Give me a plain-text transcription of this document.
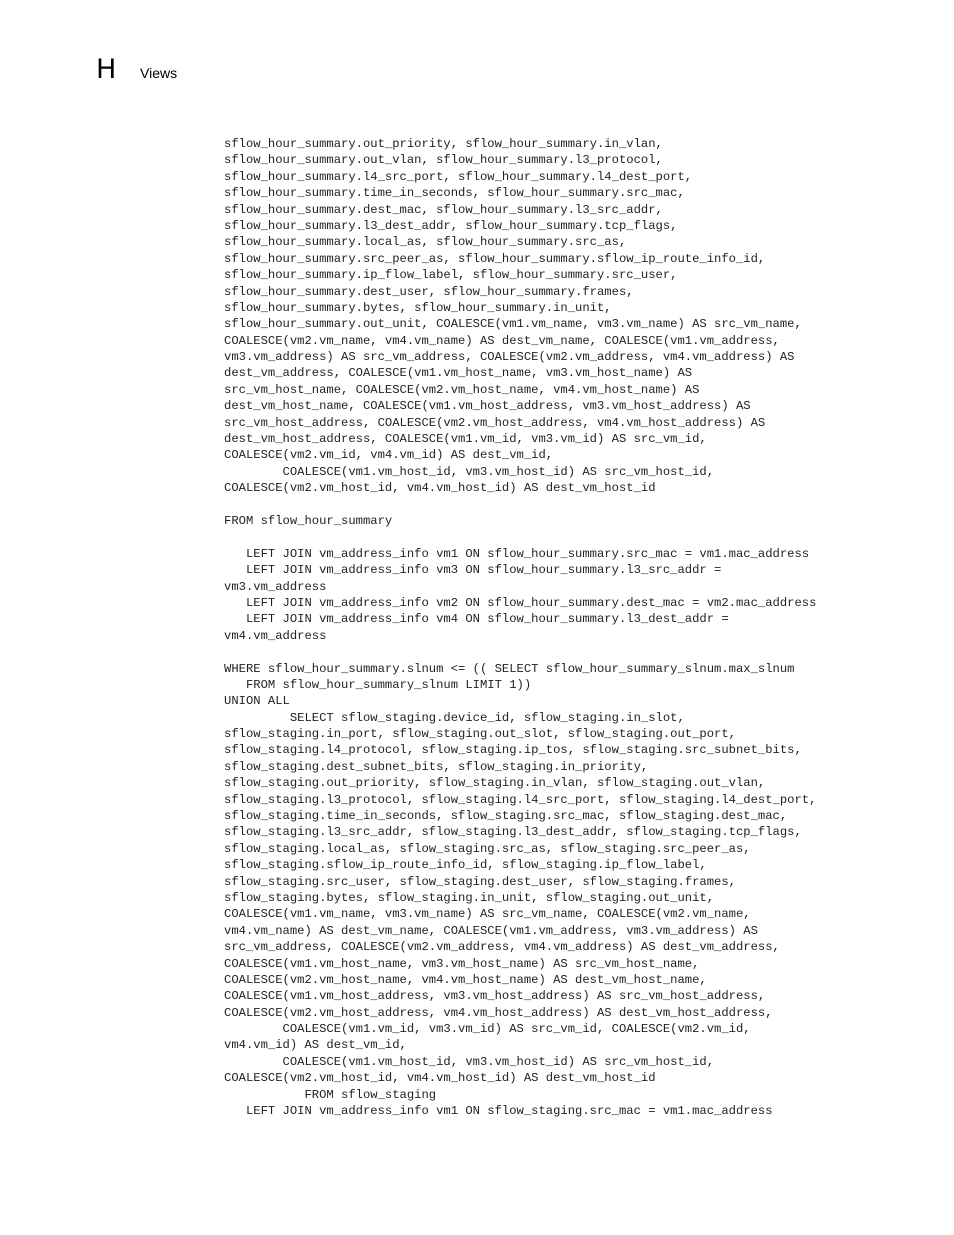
H Views
sflow_hour_summary.out_priority, sflow_hour_summary.in_vlan,
sflow_hour_summary.out_vlan, sflow_hour_summary.l3_protocol,
sflow_hour_summary.l4_src_port, sflow_hour_summary.l4_dest_port,
sflow_hour_summary.time_in_seconds, sflow_hour_summary.src_mac,
sflow_hour_summary.dest_mac, sflow_hour_summary.l3_src_addr,
sflow_hour_summary.l3_dest_addr, sflow_hour_summary.tcp_flags,
sflow_hour_summary.local_as, sflow_hour_summary.src_as,
sflow_hour_summary.src_peer_as, sflow_hour_summary.sflow_ip_route_info_id,
sflow_hour_summary.ip_flow_label, sflow_hour_summary.src_user,
sflow_hour_summary.dest_user, sflow_hour_summary.frames,
sflow_hour_summary.bytes, sflow_hour_summary.in_unit,
sflow_hour_summary.out_unit, COALESCE(vm1.vm_name, vm3.vm_name) AS src_vm_name,
COALESCE(vm2.vm_name, vm4.vm_name) AS dest_vm_name, COALESCE(vm1.vm_address,
vm3.vm_address) AS src_vm_address, COALESCE(vm2.vm_address, vm4.vm_address) AS
dest_vm_address, COALESCE(vm1.vm_host_name, vm3.vm_host_name) AS
src_vm_host_name, COALESCE(vm2.vm_host_name, vm4.vm_host_name) AS
dest_vm_host_name, COALESCE(vm1.vm_host_address, vm3.vm_host_address) AS
src_vm_host_address, COALESCE(vm2.vm_host_address, vm4.vm_host_address) AS
dest_vm_host_address, COALESCE(vm1.vm_id, vm3.vm_id) AS src_vm_id,
COALESCE(vm2.vm_id, vm4.vm_id) AS dest_vm_id,
COALESCE(vm1.vm_host_id, vm3.vm_host_id) AS src_vm_host_id,
COALESCE(vm2.vm_host_id, vm4.vm_host_id) AS dest_vm_host_id
FROM sflow_hour_summary
LEFT JOIN vm_address_info vm1 ON sflow_hour_summary.src_mac = vm1.mac_address
LEFT JOIN vm_address_info vm3 ON sflow_hour_summary.l3_src_addr =
vm3.vm_address
LEFT JOIN vm_address_info vm2 ON sflow_hour_summary.dest_mac = vm2.mac_address
LEFT JOIN vm_address_info vm4 ON sflow_hour_summary.l3_dest_addr =
vm4.vm_address
WHERE sflow_hour_summary.slnum <= (( SELECT sflow_hour_summary_slnum.max_slnum
FROM sflow_hour_summary_slnum LIMIT 1))
UNION ALL
SELECT sflow_staging.device_id, sflow_staging.in_slot,
sflow_staging.in_port, sflow_staging.out_slot, sflow_staging.out_port,
sflow_staging.l4_protocol, sflow_staging.ip_tos, sflow_staging.src_subnet_bits,
sflow_staging.dest_subnet_bits, sflow_staging.in_priority,
sflow_staging.out_priority, sflow_staging.in_vlan, sflow_staging.out_vlan,
sflow_staging.l3_protocol, sflow_staging.l4_src_port, sflow_staging.l4_dest_port,
sflow_staging.time_in_seconds, sflow_staging.src_mac, sflow_staging.dest_mac,
sflow_staging.l3_src_addr, sflow_staging.l3_dest_addr, sflow_staging.tcp_flags,
sflow_staging.local_as, sflow_staging.src_as, sflow_staging.src_peer_as,
sflow_staging.sflow_ip_route_info_id, sflow_staging.ip_flow_label,
sflow_staging.src_user, sflow_staging.dest_user, sflow_staging.frames,
sflow_staging.bytes, sflow_staging.in_unit, sflow_staging.out_unit,
COALESCE(vm1.vm_name, vm3.vm_name) AS src_vm_name, COALESCE(vm2.vm_name,
vm4.vm_name) AS dest_vm_name, COALESCE(vm1.vm_address, vm3.vm_address) AS
src_vm_address, COALESCE(vm2.vm_address, vm4.vm_address) AS dest_vm_address,
COALESCE(vm1.vm_host_name, vm3.vm_host_name) AS src_vm_host_name,
COALESCE(vm2.vm_host_name, vm4.vm_host_name) AS dest_vm_host_name,
COALESCE(vm1.vm_host_address, vm3.vm_host_address) AS src_vm_host_address,
COALESCE(vm2.vm_host_address, vm4.vm_host_address) AS dest_vm_host_address,
COALESCE(vm1.vm_id, vm3.vm_id) AS src_vm_id, COALESCE(vm2.vm_id,
vm4.vm_id) AS dest_vm_id,
COALESCE(vm1.vm_host_id, vm3.vm_host_id) AS src_vm_host_id,
COALESCE(vm2.vm_host_id, vm4.vm_host_id) AS dest_vm_host_id
FROM sflow_staging
LEFT JOIN vm_address_info vm1 ON sflow_staging.src_mac = vm1.mac_address
